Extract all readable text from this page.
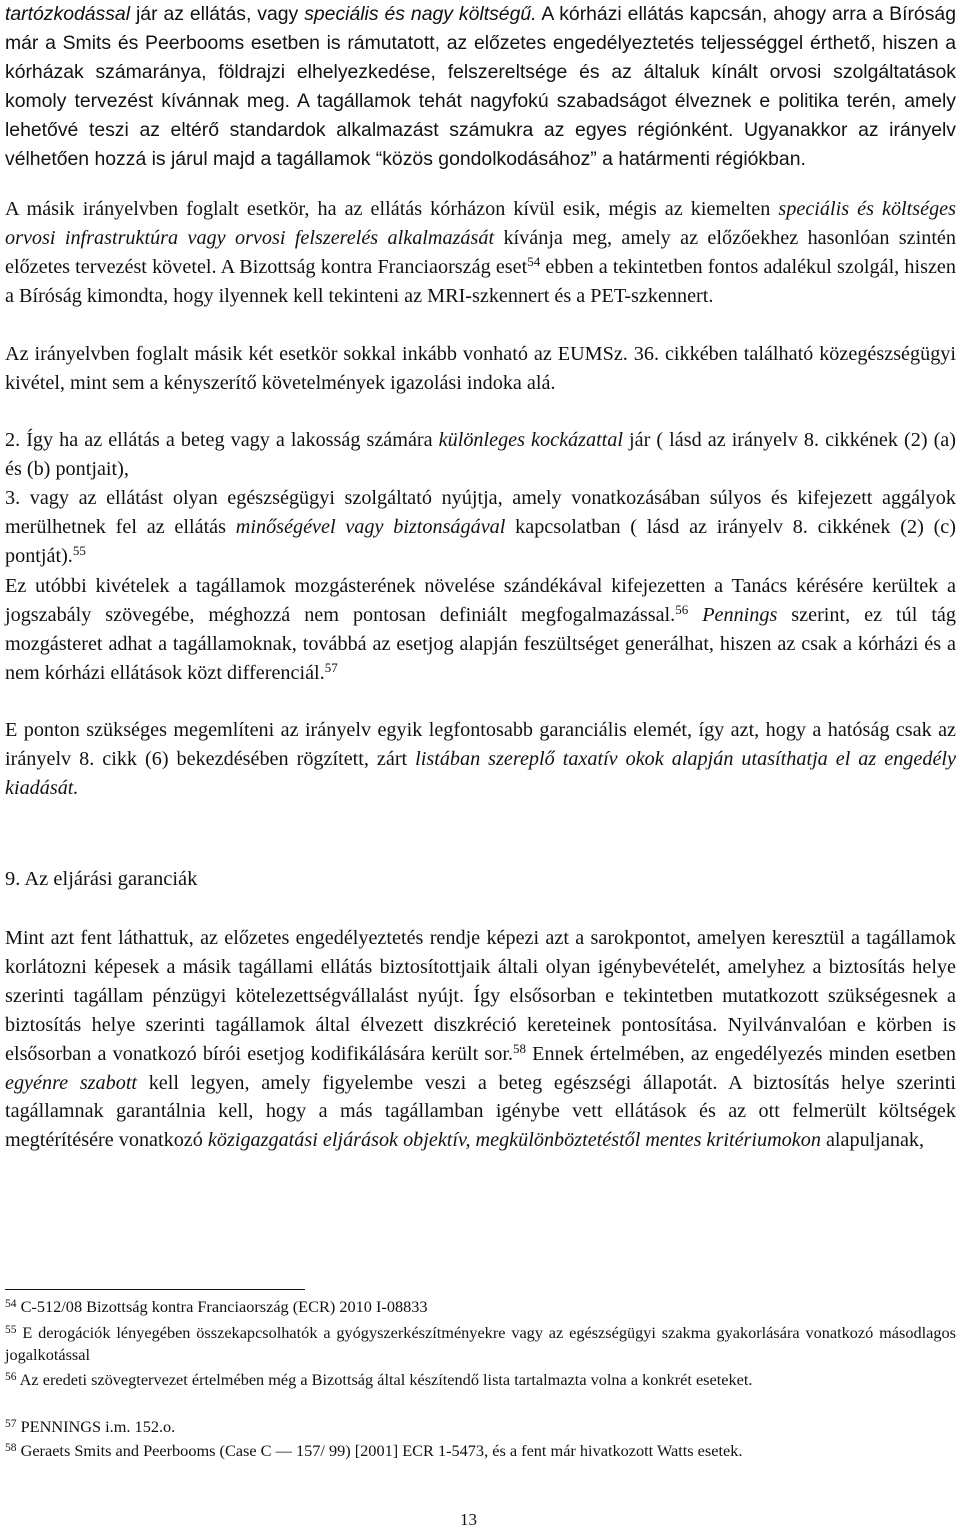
tartózkodással jár az ellátás, vagy speciális és nagy költségű. A kórházi ellátás kapcsán, ahogy arra a Bíróság már a Smits és Peerbooms esetben is rámutatott, az előzetes engedélyeztetés teljességgel érthető, hiszen a kórházak számaránya, földrajzi elhelyezkedése, felszereltsége és az általuk kínált orvosi szolgáltatások komoly tervezést kívánnak meg. A tagállamok tehát nagyfokú szabadságot élveznek e politika terén, amely lehetővé teszi az eltérő standardok alkalmazást számukra az egyes régiónként. Ugyanakkor az irányelv vélhetően hozzá is járul majd a tagállamok “közös gondolkodásához” a határmenti régiókban.

A másik irányelvben foglalt esetkör, ha az ellátás kórházon kívül esik, mégis az kiemelten speciális és költséges orvosi infrastruktúra vagy orvosi felszerelés alkalmazását kívánja meg, amely az előzőekhez hasonlóan szintén előzetes tervezést követel. A Bizottság kontra Franciaország eset$^{54}$ ebben a tekintetben fontos adalékul szolgál, hiszen a Bíróság kimondta, hogy ilyennek kell tekinteni az MRI-szkennert és a PET-szkennert.

Az irányelvben foglalt másik két esetkör sokkal inkább vonható az EUMSz. 36. cikkében található közegészségügyi kivétel, mint sem a kényszerítő követelmények igazolási indoka alá.

2. Így ha az ellátás a beteg vagy a lakosság számára különleges kockázattal jár ( lásd az irányelv 8. cikkének (2) (a) és (b) pontjait),

3. vagy az ellátást olyan egészségügyi szolgáltató nyújtja, amely vonatkozásában súlyos és kifejezett aggályok merülhetnek fel az ellátás minőségével vagy biztonságával kapcsolatban ( lásd az irányelv 8. cikkének (2) (c) pontját).$^{55}$

Ez utóbbi kivételek a tagállamok mozgásterének növelése szándékával kifejezetten a Tanács kérésére kerültek a jogszabály szövegébe, méghozzá nem pontosan definiált megfogalmazással.$^{56}$ Pennings szerint, ez túl tág mozgásteret adhat a tagállamoknak, továbbá az esetjog alapján feszültséget generálhat, hiszen az csak a kórházi és a nem kórházi ellátások közt differenciál.$^{57}$

E ponton szükséges megemlíteni az irányelv egyik legfontosabb garanciális elemét, így azt, hogy a hatóság csak az irányelv 8. cikk (6) bekezdésében rögzített, zárt listában szereplő taxatív okok alapján utasíthatja el az engedély kiadását.

9. Az eljárási garanciák

Mint azt fent láthattuk, az előzetes engedélyeztetés rendje képezi azt a sarokpontot, amelyen keresztül a tagállamok korlátozni képesek a másik tagállami ellátás biztosítottjaik általi olyan igénybevételét, amelyhez a biztosítás helye szerinti tagállam pénzügyi kötelezettségvállalást nyújt. Így elsősorban e tekintetben mutatkozott szükségesnek a biztosítás helye szerinti tagállamok által élvezett diszkréció kereteinek pontosítása. Nyilvánvalóan e körben is elsősorban a vonatkozó bírói esetjog kodifikálására került sor.$^{58}$ Ennek értelmében, az engedélyezés minden esetben egyénre szabott kell legyen, amely figyelembe veszi a beteg egészségi állapotát. A biztosítás helye szerinti tagállamnak garantálnia kell, hogy a más tagállamban igénybe vett ellátások és az ott felmerült költségek megtérítésére vonatkozó közigazgatási eljárások objektív, megkülönböztetéstől mentes kritériumokon alapuljanak,

$^{54}$ C-512/08 Bizottság kontra Franciaország (ECR) 2010 I-08833

$^{55}$ E derogációk lényegében összekapcsolhatók a gyógyszerkészítményekre vagy az egészségügyi szakma gyakorlására vonatkozó másodlagos jogalkotással

$^{56}$ Az eredeti szövegtervezet értelmében még a Bizottság által készítendő lista tartalmazta volna a konkrét eseteket.

$^{57}$ PENNINGS i.m. 152.o.

$^{58}$ Geraets Smits and Peerbooms (Case C — 157/ 99) [2001] ECR 1-5473, és a fent már hivatkozott Watts esetek.

13
